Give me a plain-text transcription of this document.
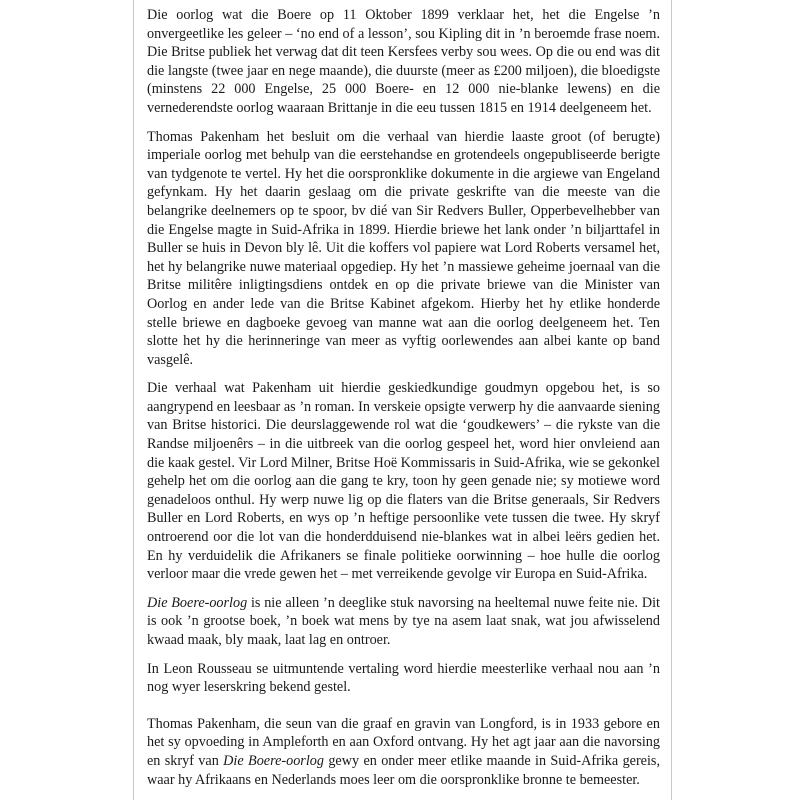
Die oorlog wat die Boere op 11 Oktober 1899 verklaar het, het die Engelse ’n onvergeetlike les geleer – ‘no end of a lesson’, sou Kipling dit in ’n beroemde frase noem. Die Britse publiek het verwag dat dit teen Kersfees verby sou wees. Op die ou end was dit die langste (twee jaar en nege maande), die duurste (meer as £200 miljoen), die bloedigste (minstens 22 000 Engelse, 25 000 Boere- en 12 000 nie-blanke lewens) en die vernederendste oorlog waaraan Brittanje in die eeu tussen 1815 en 1914 deelgeneem het.

Thomas Pakenham het besluit om die verhaal van hierdie laaste groot (of berugte) imperiale oorlog met behulp van die eerstehandse en grotendeels ongepubliseerde berigte van tydgenote te vertel. Hy het die oorspronklike dokumente in die argiewe van Engeland gefynkam. Hy het daarin geslaag om die private geskrifte van die meeste van die belangrike deelnemers op te spoor, bv dié van Sir Redvers Buller, Opperbevelhebber van die Engelse magte in Suid-Afrika in 1899. Hierdie briewe het lank onder ’n biljarttafel in Buller se huis in Devon bly lê. Uit die koffers vol papiere wat Lord Roberts versamel het, het hy belangrike nuwe materiaal opgediep. Hy het ’n massiewe geheime joernaal van die Britse militêre inligtingsdiens ontdek en op die private briewe van die Minister van Oorlog en ander lede van die Britse Kabinet afgekom. Hierby het hy etlike honderde stelle briewe en dagboeke gevoeg van manne wat aan die oorlog deelgeneem het. Ten slotte het hy die herinneringe van meer as vyftig oorlewendes aan albei kante op band vasgelê.

Die verhaal wat Pakenham uit hierdie geskiedkundige goudmyn opgebou het, is so aangrypend en leesbaar as ’n roman. In verskeie opsigte verwerp hy die aanvaarde siening van Britse historici. Die deurslaggewende rol wat die ‘goudkewers’ – die rykste van die Randse miljoenêrs – in die uitbreek van die oorlog gespeel het, word hier onvleiend aan die kaak gestel. Vir Lord Milner, Britse Hoë Kommissaris in Suid-Afrika, wie se gekonkel gehelp het om die oorlog aan die gang te kry, toon hy geen genade nie; sy motiewe word genadeloos onthul. Hy werp nuwe lig op die flaters van die Britse generaals, Sir Redvers Buller en Lord Roberts, en wys op ’n heftige persoonlike vete tussen die twee. Hy skryf ontroerend oor die lot van die honderdduisend nie-blankes wat in albei leërs gedien het. En hy verduidelik die Afrikaners se finale politieke oorwinning – hoe hulle die oorlog verloor maar die vrede gewen het – met verreikende gevolge vir Europa en Suid-Afrika.

Die Boere-oorlog is nie alleen ’n deeglike stuk navorsing na heeltemal nuwe feite nie. Dit is ook ’n grootse boek, ’n boek wat mens by tye na asem laat snak, wat jou afwisselend kwaad maak, bly maak, laat lag en ontroer.

In Leon Rousseau se uitmuntende vertaling word hierdie meesterlike verhaal nou aan ’n nog wyer leserskring bekend gestel.

Thomas Pakenham, die seun van die graaf en gravin van Longford, is in 1933 gebore en het sy opvoeding in Ampleforth en aan Oxford ontvang. Hy het agt jaar aan die navorsing en skryf van Die Boere-oorlog gewy en onder meer etlike maande in Suid-Afrika gereis, waar hy Afrikaans en Nederlands moes leer om die oorspronklike bronne te bemeester.
